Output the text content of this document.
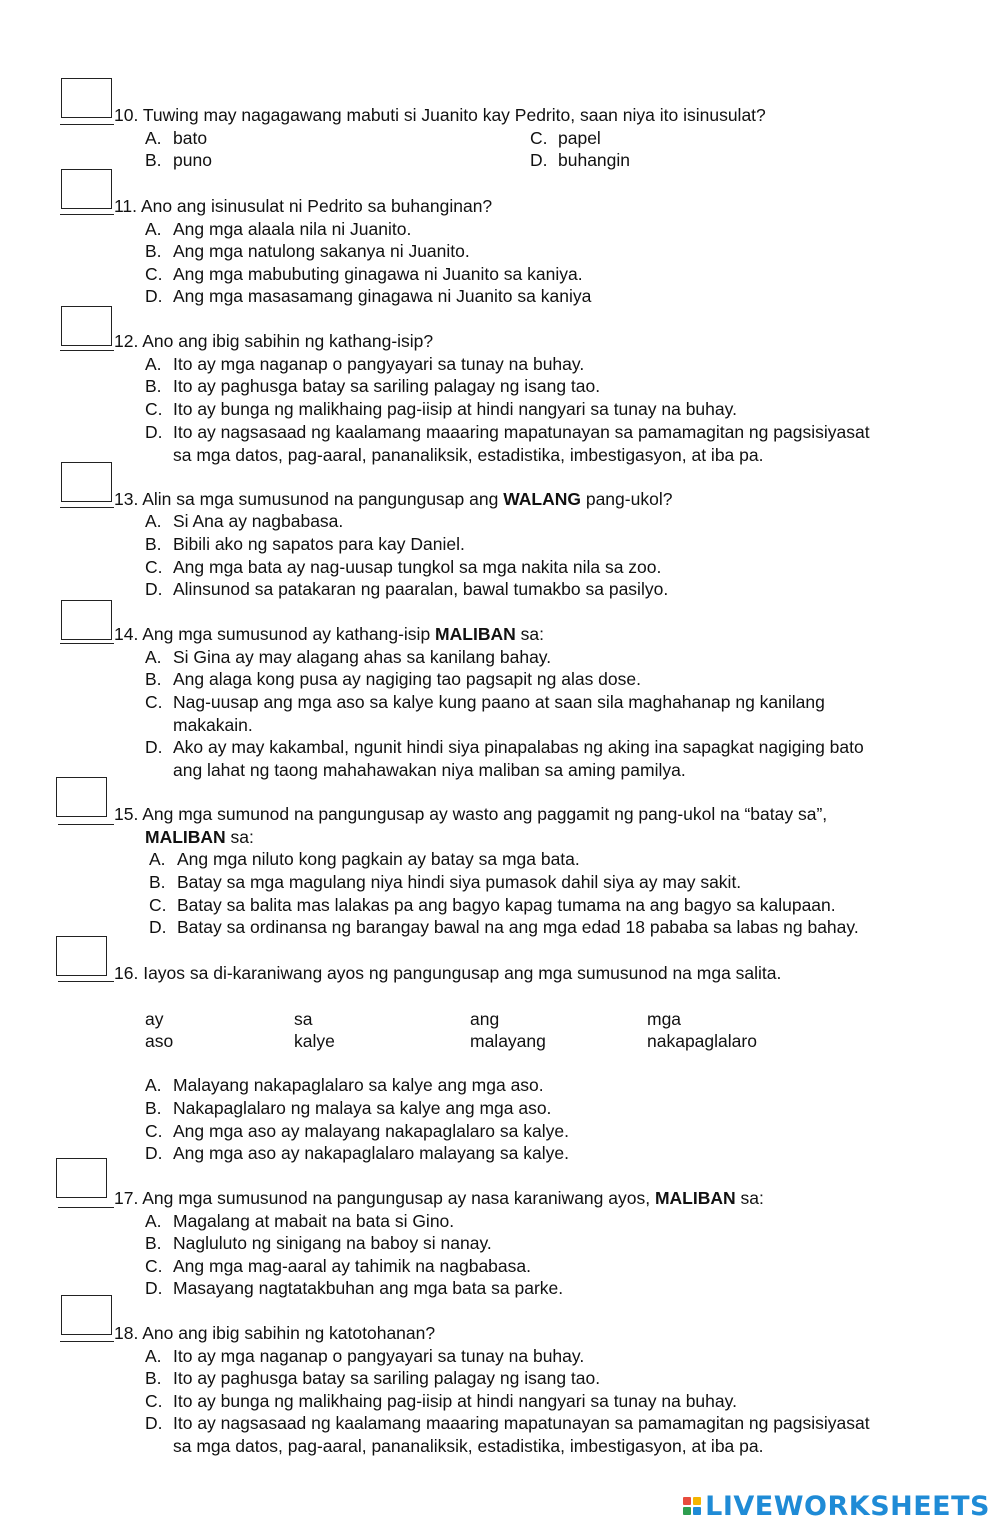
10. Tuwing may nagagawang mabuti si Juanito kay Pedrito, saan niya ito isinusulat?
A. bato	C. papel
B. puno	D. buhangin
11. Ano ang isinusulat ni Pedrito sa buhanginan?
A. Ang mga alaala nila ni Juanito.
B. Ang mga natulong sakanya ni Juanito.
C. Ang mga mabubuting ginagawa ni Juanito sa kaniya.
D. Ang mga masasamang ginagawa ni Juanito sa kaniya
12. Ano ang ibig sabihin ng kathang-isip?
A. Ito ay mga naganap o pangyayari sa tunay na buhay.
B. Ito ay paghusga batay sa sariling palagay ng isang tao.
C. Ito ay bunga ng malikhaing pag-iisip at hindi nangyari sa tunay na buhay.
D. Ito ay nagsasaad ng kaalamang maaaring mapatunayan sa pamamagitan ng pagsisiyasat
sa mga datos, pag-aaral, pananaliksik, estadistika, imbestigasyon, at iba pa.
13. Alin sa mga sumusunod na pangungusap ang WALANG pang-ukol?
A. Si Ana ay nagbabasa.
B. Bibili ako ng sapatos para kay Daniel.
C. Ang mga bata ay nag-uusap tungkol sa mga nakita nila sa zoo.
D. Alinsunod sa patakaran ng paaralan, bawal tumakbo sa pasilyo.
14. Ang mga sumusunod ay kathang-isip MALIBAN sa:
A. Si Gina ay may alagang ahas sa kanilang bahay.
B. Ang alaga kong pusa ay nagiging tao pagsapit ng alas dose.
C. Nag-uusap ang mga aso sa kalye kung paano at saan sila maghahanap ng kanilang
makakain.
D. Ako ay may kakambal, ngunit hindi siya pinapalabas ng aking ina sapagkat nagiging bato
ang lahat ng taong mahahawakan niya maliban sa aming pamilya.
15. Ang mga sumunod na pangungusap ay wasto ang paggamit ng pang-ukol na “batay sa”,
MALIBAN sa:
A. Ang mga niluto kong pagkain ay batay sa mga bata.
B. Batay sa mga magulang niya hindi siya pumasok dahil siya ay may sakit.
C. Batay sa balita mas lalakas pa ang bagyo kapag tumama na ang bagyo sa kalupaan.
D. Batay sa ordinansa ng barangay bawal na ang mga edad 18 pababa sa labas ng bahay.
16. Iayos sa di-karaniwang ayos ng pangungusap ang mga sumusunod na mga salita.
ay	sa	ang	mga
aso	kalye	malayang	nakapaglalaro
A. Malayang nakapaglalaro sa kalye ang mga aso.
B. Nakapaglalaro ng malaya sa kalye ang mga aso.
C. Ang mga aso ay malayang nakapaglalaro sa kalye.
D. Ang mga aso ay nakapaglalaro malayang sa kalye.
17. Ang mga sumusunod na pangungusap ay nasa karaniwang ayos, MALIBAN sa:
A. Magalang at mabait na bata si Gino.
B. Nagluluto ng sinigang na baboy si nanay.
C. Ang mga mag-aaral ay tahimik na nagbabasa.
D. Masayang nagtatakbuhan ang mga bata sa parke.
18. Ano ang ibig sabihin ng katotohanan?
A. Ito ay mga naganap o pangyayari sa tunay na buhay.
B. Ito ay paghusga batay sa sariling palagay ng isang tao.
C. Ito ay bunga ng malikhaing pag-iisip at hindi nangyari sa tunay na buhay.
D. Ito ay nagsasaad ng kaalamang maaaring mapatunayan sa pamamagitan ng pagsisiyasat
sa mga datos, pag-aaral, pananaliksik, estadistika, imbestigasyon, at iba pa.
LIVEWORKSHEETS
